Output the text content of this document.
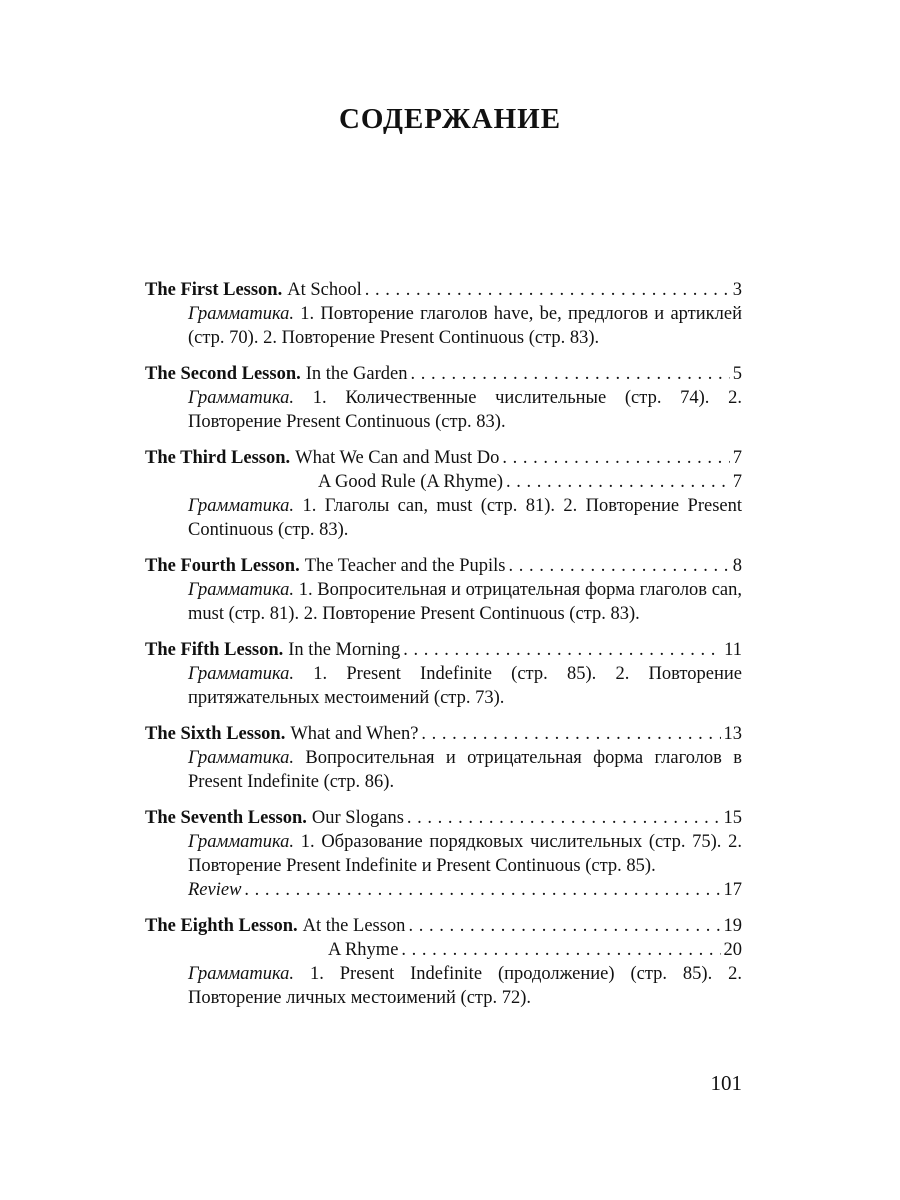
СОДЕРЖАНИЕ
The First Lesson. At School . . .	3
Грамматика. 1. Повторение глаголов have, be, предлогов и артиклей (стр. 70). 2. Повторение Present Continuous (стр. 83).
The Second Lesson. In the Garden . . .	5
Грамматика. 1. Количественные числительные (стр. 74). 2. Повторение Present Continuous (стр. 83).
The Third Lesson. What We Can and Must Do . . .	7
A Good Rule (A Rhyme) . . .	7
Грамматика. 1. Глаголы can, must (стр. 81). 2. Повторение Present Continuous (стр. 83).
The Fourth Lesson. The Teacher and the Pupils . . .	8
Грамматика. 1. Вопросительная и отрицательная форма глаголов can, must (стр. 81). 2. Повторение Present Continuous (стр. 83).
The Fifth Lesson. In the Morning . . .	11
Грамматика. 1. Present Indefinite (стр. 85). 2. Повторение притяжательных местоимений (стр. 73).
The Sixth Lesson. What and When? . . .	13
Грамматика. Вопросительная и отрицательная форма глаголов в Present Indefinite (стр. 86).
The Seventh Lesson. Our Slogans . . .	15
Грамматика. 1. Образование порядковых числительных (стр. 75). 2. Повторение Present Indefinite и Present Continuous (стр. 85).
Review . . .	17
The Eighth Lesson. At the Lesson . . .	19
A Rhyme . . .	20
Грамматика. 1. Present Indefinite (продолжение) (стр. 85). 2. Повторение личных местоимений (стр. 72).
101
